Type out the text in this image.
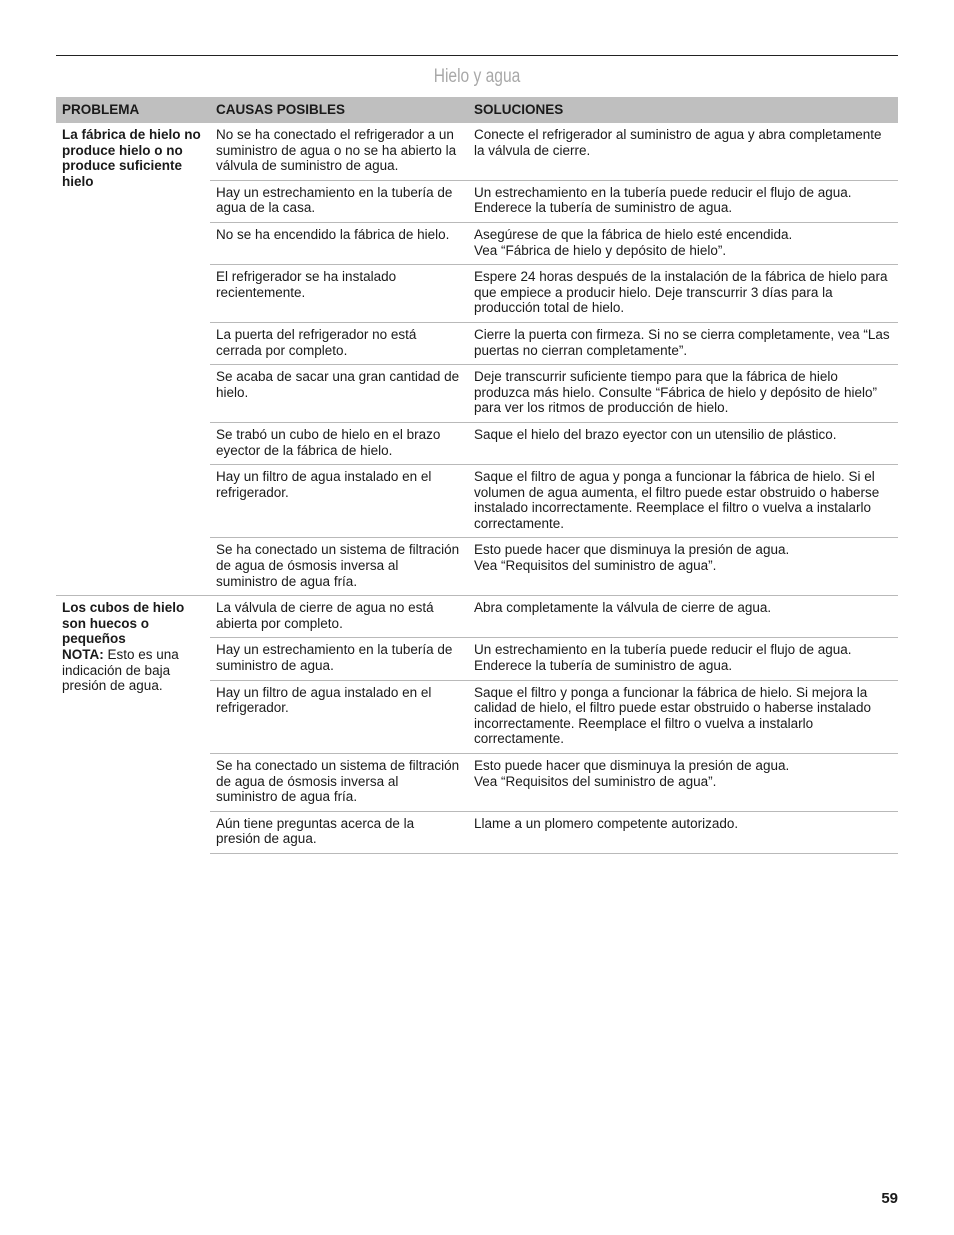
Hielo y agua
PROBLEMA	CAUSAS POSIBLES	SOLUCIONES
La fábrica de hielo no produce hielo o no produce suficiente hielo	No se ha conectado el refrigerador a un suministro de agua o no se ha abierto la válvula de suministro de agua.	Conecte el refrigerador al suministro de agua y abra completamente la válvula de cierre.
	Hay un estrechamiento en la tubería de agua de la casa.	Un estrechamiento en la tubería puede reducir el flujo de agua. Enderece la tubería de suministro de agua.
	No se ha encendido la fábrica de hielo.	Asegúrese de que la fábrica de hielo esté encendida.
Vea “Fábrica de hielo y depósito de hielo”.
	El refrigerador se ha instalado recientemente.	Espere 24 horas después de la instalación de la fábrica de hielo para que empiece a producir hielo. Deje transcurrir 3 días para la producción total de hielo.
	La puerta del refrigerador no está cerrada por completo.	Cierre la puerta con firmeza. Si no se cierra completamente, vea “Las puertas no cierran completamente”.
	Se acaba de sacar una gran cantidad de hielo.	Deje transcurrir suficiente tiempo para que la fábrica de hielo produzca más hielo. Consulte “Fábrica de hielo y depósito de hielo” para ver los ritmos de producción de hielo.
	Se trabó un cubo de hielo en el brazo eyector de la fábrica de hielo.	Saque el hielo del brazo eyector con un utensilio de plástico.
	Hay un filtro de agua instalado en el refrigerador.	Saque el filtro de agua y ponga a funcionar la fábrica de hielo. Si el volumen de agua aumenta, el filtro puede estar obstruido o haberse instalado incorrectamente. Reemplace el filtro o vuelva a instalarlo correctamente.
	Se ha conectado un sistema de filtración de agua de ósmosis inversa al suministro de agua fría.	Esto puede hacer que disminuya la presión de agua.
Vea “Requisitos del suministro de agua”.
Los cubos de hielo son huecos o pequeños
NOTA: Esto es una indicación de baja presión de agua.	La válvula de cierre de agua no está abierta por completo.	Abra completamente la válvula de cierre de agua.
	Hay un estrechamiento en la tubería de suministro de agua.	Un estrechamiento en la tubería puede reducir el flujo de agua. Enderece la tubería de suministro de agua.
	Hay un filtro de agua instalado en el refrigerador.	Saque el filtro y ponga a funcionar la fábrica de hielo. Si mejora la calidad de hielo, el filtro puede estar obstruido o haberse instalado incorrectamente. Reemplace el filtro o vuelva a instalarlo correctamente.
	Se ha conectado un sistema de filtración de agua de ósmosis inversa al suministro de agua fría.	Esto puede hacer que disminuya la presión de agua.
Vea “Requisitos del suministro de agua”.
	Aún tiene preguntas acerca de la presión de agua.	Llame a un plomero competente autorizado.
59
